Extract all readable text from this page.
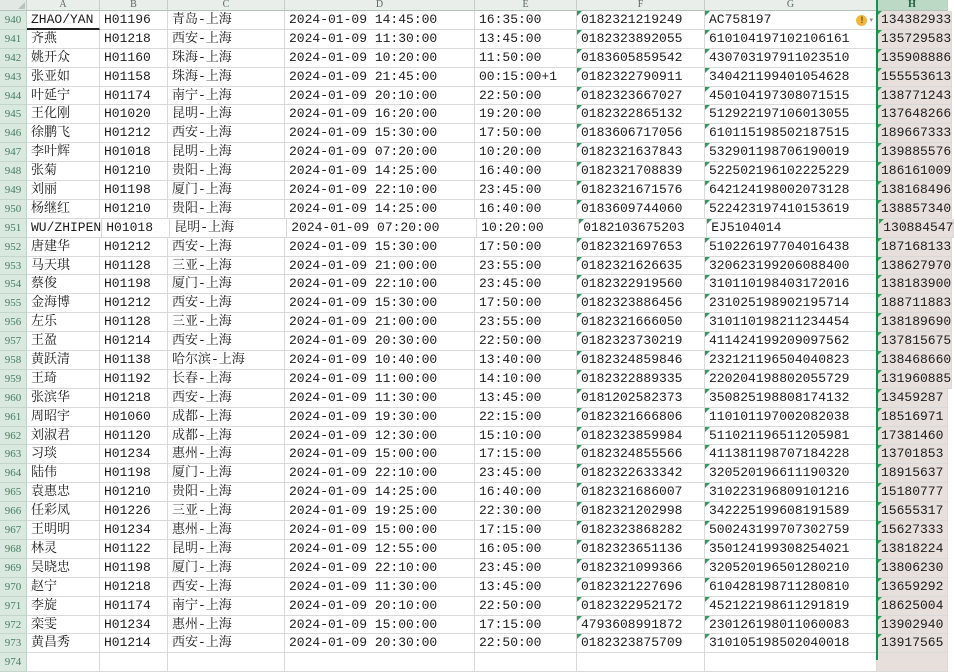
A	B	C	D	E	F	G	H
940 ZHAO/YAN H01196	青岛-上海	2024-01-09 14:45:00	16:35:00	0182321219249	AC758197	! ▾ 134382933
941 齐燕	H01218	西安-上海	2024-01-09 11:30:00	13:45:00	0182323892055	610104197102106161	135729583
942 姚开众	H01160	珠海-上海	2024-01-09 10:20:00	11:50:00	0183605859542	430703197911023510	135908886
943 张亚如	H01158	珠海-上海	2024-01-09 21:45:00	00:15:00+1	0182322790911	340421199401054628	155553613
944 叶延宁	H01174	南宁-上海	2024-01-09 20:10:00	22:50:00	0182323667027	450104197308071515	138771243
945 王化刚	H01020	昆明-上海	2024-01-09 16:20:00	19:20:00	0182322865132	512922197106013055	137648266
946 徐鹏飞	H01212	西安-上海	2024-01-09 15:30:00	17:50:00	0183606717056	610115198502187515	189667333
947 李叶辉	H01018	昆明-上海	2024-01-09 07:20:00	10:20:00	0182321637843	532901198706190019	139885576
948 张菊	H01210	贵阳-上海	2024-01-09 14:25:00	16:40:00	0182321708839	522502196102225229	186161009
949 刘丽	H01198	厦门-上海	2024-01-09 22:10:00	23:45:00	0182321671576	642124198002073128	138168496
950 杨继红	H01210	贵阳-上海	2024-01-09 14:25:00	16:40:00	0183609744060	522423197410153619	138857340
951 WU/ZHIPEN H01018	昆明-上海	2024-01-09 07:20:00	10:20:00	0182103675203	EJ5104014	130884547
952 唐建华	H01212	西安-上海	2024-01-09 15:30:00	17:50:00	0182321697653	510226197704016438	187168133
953 马天琪	H01128	三亚-上海	2024-01-09 21:00:00	23:55:00	0182321626635	320623199206088400	138627970
954 蔡俊	H01198	厦门-上海	2024-01-09 22:10:00	23:45:00	0182322919560	310110198403172016	138183900
955 金海博	H01212	西安-上海	2024-01-09 15:30:00	17:50:00	0182323886456	231025198902195714	188711883
956 左乐	H01128	三亚-上海	2024-01-09 21:00:00	23:55:00	0182321666050	310110198211234454	138189690
957 王盈	H01214	西安-上海	2024-01-09 20:30:00	22:50:00	0182323730219	411424199209097562	137815675
958 黄跃清	H01138	哈尔滨-上海	2024-01-09 10:40:00	13:40:00	0182324859846	232121196504040823	138468660
959 王琦	H01192	长春-上海	2024-01-09 11:00:00	14:10:00	0182322889335	220204198802055729	131960885
960 张滨华	H01218	西安-上海	2024-01-09 11:30:00	13:45:00	0181202582373	350825198808174132	13459287
961 周昭宇	H01060	成都-上海	2024-01-09 19:30:00	22:15:00	0182321666806	110101197002082038	18516971
962 刘淑君	H01120	成都-上海	2024-01-09 12:30:00	15:10:00	0182323859984	511021196511205981	17381460
963 习琰	H01234	惠州-上海	2024-01-09 15:00:00	17:15:00	0182324855566	411381198707184228	13701853
964 陆伟	H01198	厦门-上海	2024-01-09 22:10:00	23:45:00	0182322633342	320520196611190320	18915637
965 袁惠忠	H01210	贵阳-上海	2024-01-09 14:25:00	16:40:00	0182321686007	310223196809101216	15180777
966 任彩凤	H01226	三亚-上海	2024-01-09 19:25:00	22:30:00	0182321202998	342225199608191589	15655317
967 王明明	H01234	惠州-上海	2024-01-09 15:00:00	17:15:00	0182323868282	500243199707302759	15627333
968 林灵	H01122	昆明-上海	2024-01-09 12:55:00	16:05:00	0182323651136	350124199308254021	13818224
969 吴晓忠	H01198	厦门-上海	2024-01-09 22:10:00	23:45:00	0182321099366	320520196501280210	13806230
970 赵宁	H01218	西安-上海	2024-01-09 11:30:00	13:45:00	0182321227696	610428198711280810	13659292
971 李旋	H01174	南宁-上海	2024-01-09 20:10:00	22:50:00	0182322952172	452122198611291819	18625004
972 栾雯	H01234	惠州-上海	2024-01-09 15:00:00	17:15:00	4793608991872	230126198011060083	13902940
973 黄昌秀	H01214	西安-上海	2024-01-09 20:30:00	22:50:00	0182323875709	310105198502040018	13917565
974
